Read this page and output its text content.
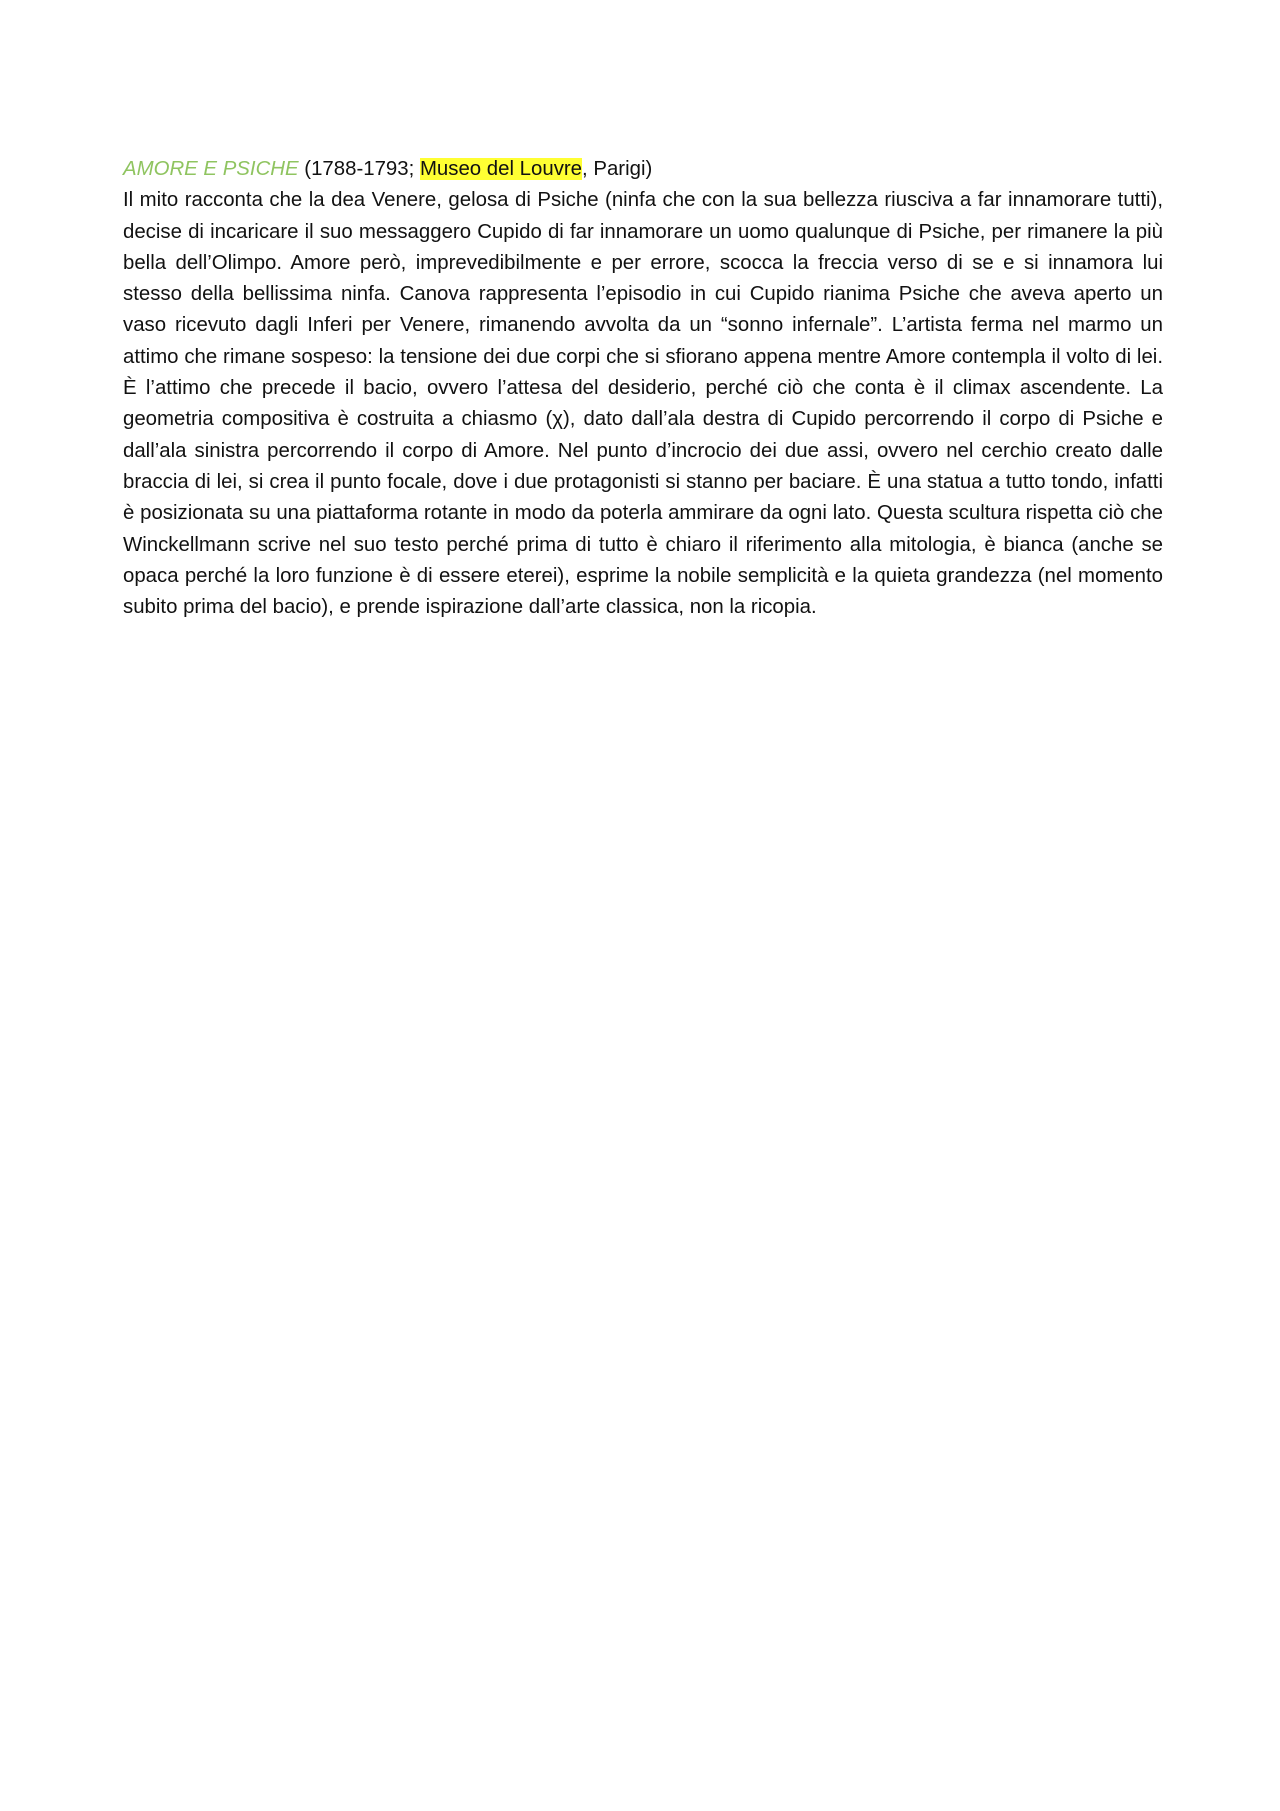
AMORE E PSICHE (1788-1793; Museo del Louvre, Parigi)

Il mito racconta che la dea Venere, gelosa di Psiche (ninfa che con la sua bellezza riusciva a far innamorare tutti), decise di incaricare il suo messaggero Cupido di far innamorare un uomo qualunque di Psiche, per rimanere la più bella dell’Olimpo. Amore però, imprevedibilmente e per errore, scocca la freccia verso di se e si innamora lui stesso della bellissima ninfa. Canova rappresenta l’episodio in cui Cupido rianima Psiche che aveva aperto un vaso ricevuto dagli Inferi per Venere, rimanendo avvolta da un “sonno infernale”. L’artista ferma nel marmo un attimo che rimane sospeso: la tensione dei due corpi che si sfiorano appena mentre Amore contempla il volto di lei. È l’attimo che precede il bacio, ovvero l’attesa del desiderio, perché ciò che conta è il climax ascendente. La geometria compositiva è costruita a chiasmo (χ), dato dall’ala destra di Cupido percorrendo il corpo di Psiche e dall’ala sinistra percorrendo il corpo di Amore. Nel punto d’incrocio dei due assi, ovvero nel cerchio creato dalle braccia di lei, si crea il punto focale, dove i due protagonisti si stanno per baciare. È una statua a tutto tondo, infatti è posizionata su una piattaforma rotante in modo da poterla ammirare da ogni lato. Questa scultura rispetta ciò che Winckellmann scrive nel suo testo perché prima di tutto è chiaro il riferimento alla mitologia, è bianca (anche se opaca perché la loro funzione è di essere eterei), esprime la nobile semplicità e la quieta grandezza (nel momento subito prima del bacio), e prende ispirazione dall’arte classica, non la ricopia.
